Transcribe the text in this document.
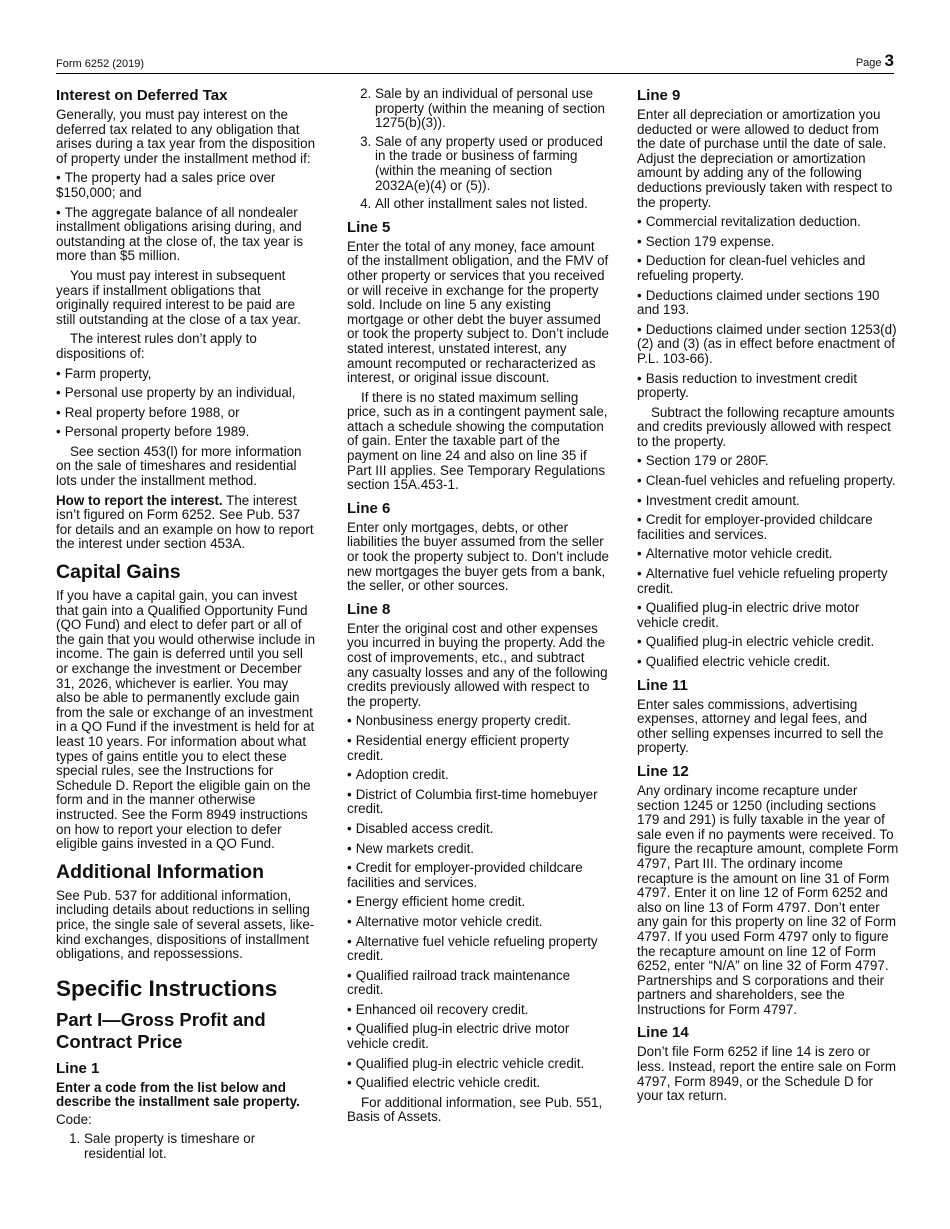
Form 6252 (2019)	Page 3
Interest on Deferred Tax

Generally, you must pay interest on the deferred tax related to any obligation that arises during a tax year from the disposition of property under the installment method if:

• The property had a sales price over $150,000; and

• The aggregate balance of all nondealer installment obligations arising during, and outstanding at the close of, the tax year is more than $5 million.

You must pay interest in subsequent years if installment obligations that originally required interest to be paid are still outstanding at the close of a tax year.

The interest rules don’t apply to dispositions of:

• Farm property,

• Personal use property by an individual,

• Real property before 1988, or

• Personal property before 1989.

See section 453(l) for more information on the sale of timeshares and residential lots under the installment method.

How to report the interest. The interest isn’t figured on Form 6252. See Pub. 537 for details and an example on how to report the interest under section 453A.

Capital Gains

If you have a capital gain, you can invest that gain into a Qualified Opportunity Fund (QO Fund) and elect to defer part or all of the gain that you would otherwise include in income. The gain is deferred until you sell or exchange the investment or December 31, 2026, whichever is earlier. You may also be able to permanently exclude gain from the sale or exchange of an investment in a QO Fund if the investment is held for at least 10 years. For information about what types of gains entitle you to elect these special rules, see the Instructions for Schedule D. Report the eligible gain on the form and in the manner otherwise instructed. See the Form 8949 instructions on how to report your election to defer eligible gains invested in a QO Fund.

Additional Information

See Pub. 537 for additional information, including details about reductions in selling price, the single sale of several assets, like-kind exchanges, dispositions of installment obligations, and repossessions.

Specific Instructions
Part I—Gross Profit and Contract Price
Line 1

Enter a code from the list below and describe the installment sale property.

Code:

1. Sale property is timeshare or residential lot.
2. Sale by an individual of personal use property (within the meaning of section 1275(b)(3)).
3. Sale of any property used or produced in the trade or business of farming (within the meaning of section 2032A(e)(4) or (5)).
4. All other installment sales not listed.
Line 5

Enter the total of any money, face amount of the installment obligation, and the FMV of other property or services that you received or will receive in exchange for the property sold. Include on line 5 any existing mortgage or other debt the buyer assumed or took the property subject to. Don’t include stated interest, unstated interest, any amount recomputed or recharacterized as interest, or original issue discount.

If there is no stated maximum selling price, such as in a contingent payment sale, attach a schedule showing the computation of gain. Enter the taxable part of the payment on line 24 and also on line 35 if Part III applies. See Temporary Regulations section 15A.453-1.

Line 6

Enter only mortgages, debts, or other liabilities the buyer assumed from the seller or took the property subject to. Don’t include new mortgages the buyer gets from a bank, the seller, or other sources.

Line 8

Enter the original cost and other expenses you incurred in buying the property. Add the cost of improvements, etc., and subtract any casualty losses and any of the following credits previously allowed with respect to the property.

• Nonbusiness energy property credit.

• Residential energy efficient property credit.

• Adoption credit.

• District of Columbia first-time homebuyer credit.

• Disabled access credit.

• New markets credit.

• Credit for employer-provided childcare facilities and services.

• Energy efficient home credit.

• Alternative motor vehicle credit.

• Alternative fuel vehicle refueling property credit.

• Qualified railroad track maintenance credit.

• Enhanced oil recovery credit.

• Qualified plug-in electric drive motor vehicle credit.

• Qualified plug-in electric vehicle credit.

• Qualified electric vehicle credit.

For additional information, see Pub. 551, Basis of Assets.

Line 9

Enter all depreciation or amortization you deducted or were allowed to deduct from the date of purchase until the date of sale. Adjust the depreciation or amortization amount by adding any of the following deductions previously taken with respect to the property.

• Commercial revitalization deduction.

• Section 179 expense.

• Deduction for clean-fuel vehicles and refueling property.

• Deductions claimed under sections 190 and 193.

• Deductions claimed under section 1253(d)(2) and (3) (as in effect before enactment of P.L. 103-66).

• Basis reduction to investment credit property.

Subtract the following recapture amounts and credits previously allowed with respect to the property.

• Section 179 or 280F.

• Clean-fuel vehicles and refueling property.

• Investment credit amount.

• Credit for employer-provided childcare facilities and services.

• Alternative motor vehicle credit.

• Alternative fuel vehicle refueling property credit.

• Qualified plug-in electric drive motor vehicle credit.

• Qualified plug-in electric vehicle credit.

• Qualified electric vehicle credit.

Line 11

Enter sales commissions, advertising expenses, attorney and legal fees, and other selling expenses incurred to sell the property.

Line 12

Any ordinary income recapture under section 1245 or 1250 (including sections 179 and 291) is fully taxable in the year of sale even if no payments were received. To figure the recapture amount, complete Form 4797, Part III. The ordinary income recapture is the amount on line 31 of Form 4797. Enter it on line 12 of Form 6252 and also on line 13 of Form 4797. Don’t enter any gain for this property on line 32 of Form 4797. If you used Form 4797 only to figure the recapture amount on line 12 of Form 6252, enter “N/A” on line 32 of Form 4797. Partnerships and S corporations and their partners and shareholders, see the Instructions for Form 4797.

Line 14

Don’t file Form 6252 if line 14 is zero or less. Instead, report the entire sale on Form 4797, Form 8949, or the Schedule D for your tax return.
